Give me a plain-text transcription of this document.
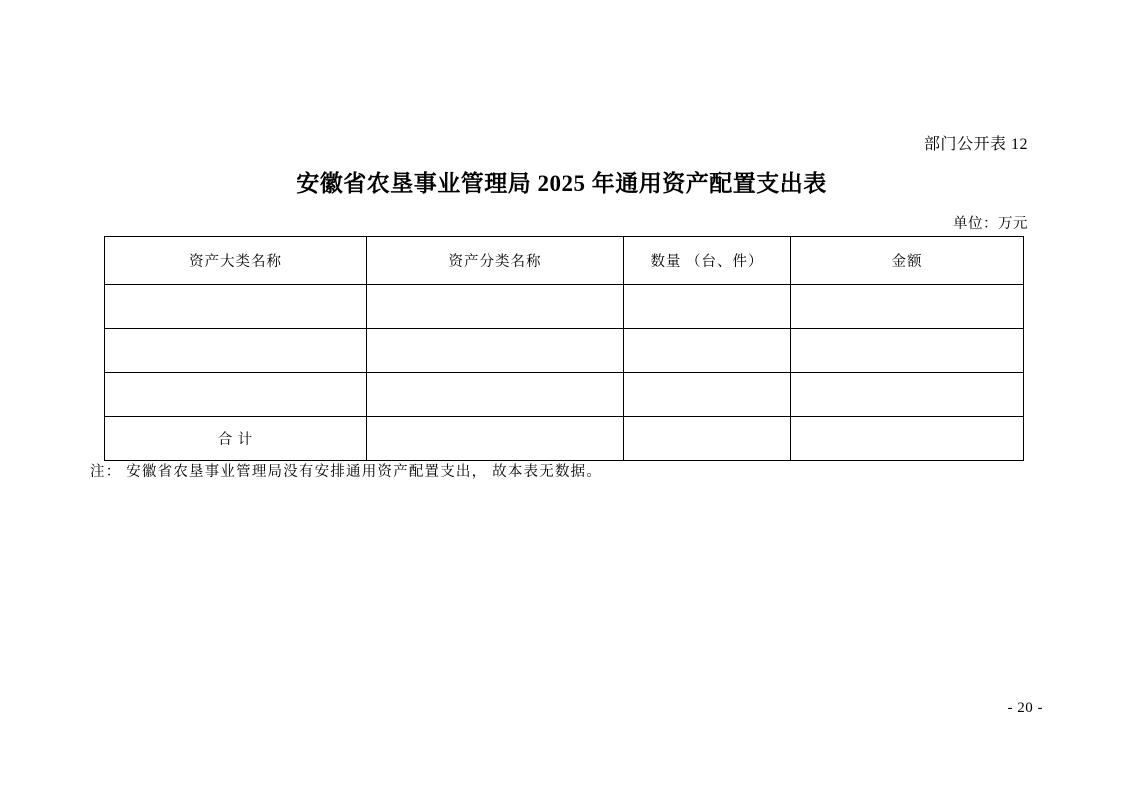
部门公开表 12
安徽省农垦事业管理局 2025 年通用资产配置支出表
单位：万元
资产大类名称	资产分类名称	数量 （台、件）	金额

合 计			
注： 安徽省农垦事业管理局没有安排通用资产配置支出， 故本表无数据。
- 20 -
